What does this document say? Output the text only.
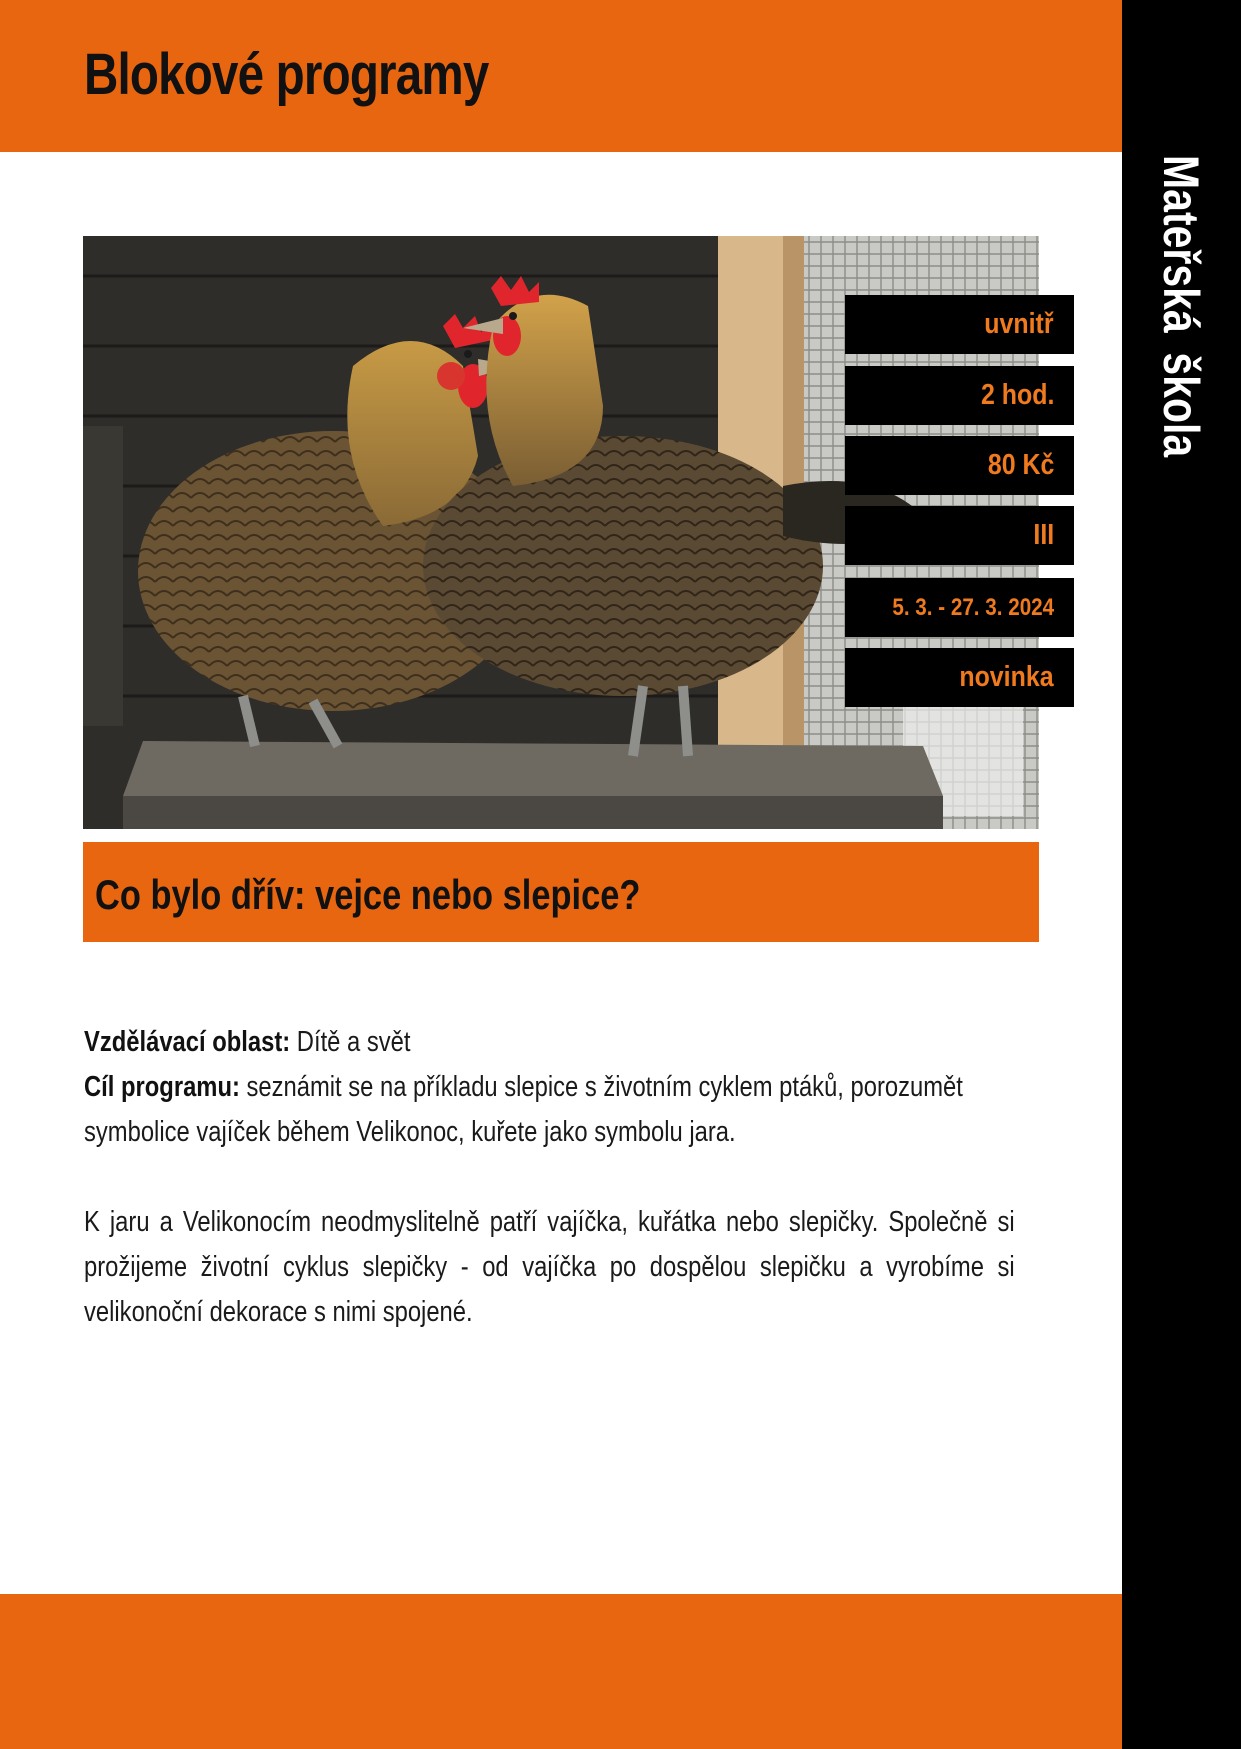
Blokové programy
Mateřská škola
uvnitř
2 hod.
80 Kč
III
5. 3. - 27. 3. 2024
novinka
Co bylo dřív: vejce nebo slepice?

Vzdělávací oblast: Dítě a svět

Cíl programu: seznámit se na příkladu slepice s životním cyklem ptáků, porozumět symbolice vajíček během Velikonoc, kuřete jako symbolu jara.

K jaru a Velikonocím neodmyslitelně patří vajíčka, kuřátka nebo slepičky. Společně si prožijeme životní cyklus slepičky - od vajíčka po dospělou slepičku a vyrobíme si velikonoční dekorace s nimi spojené.
